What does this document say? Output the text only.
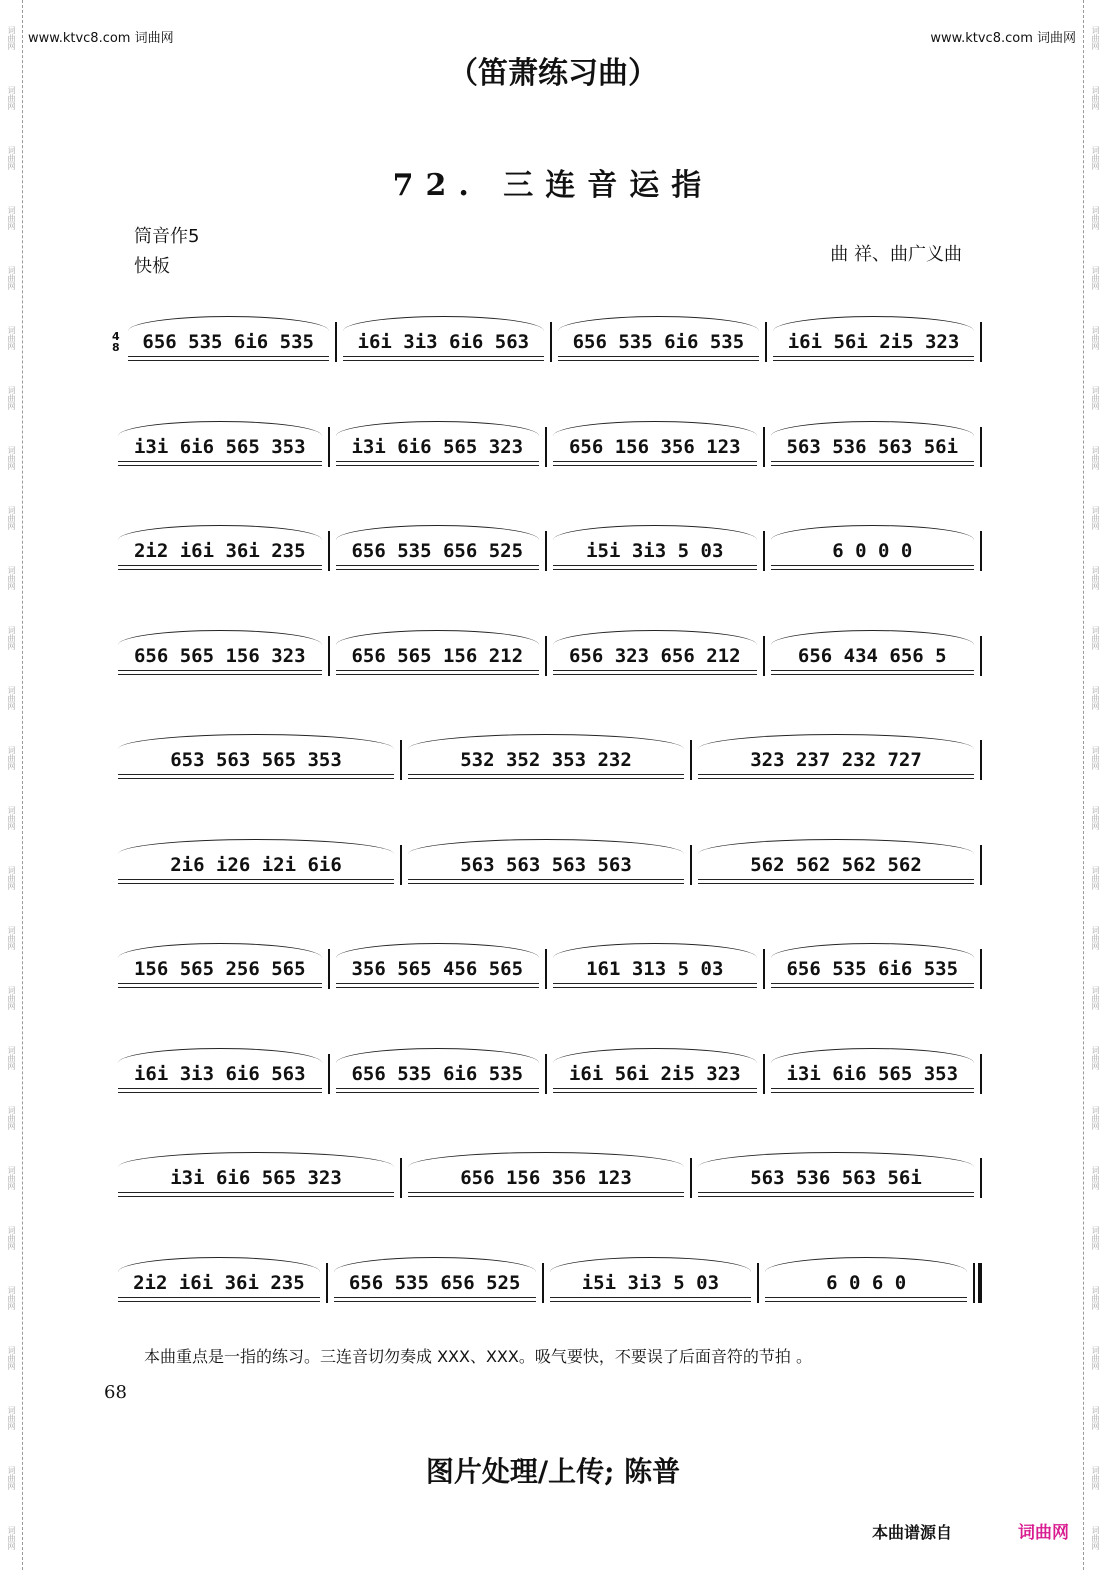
词曲网
词曲网
词曲网
词曲网
词曲网
词曲网
词曲网
词曲网
词曲网
词曲网
词曲网
词曲网
词曲网
词曲网
词曲网
词曲网
词曲网
词曲网
词曲网
词曲网
词曲网
词曲网
词曲网
词曲网
词曲网
词曲网
词曲网
词曲网
词曲网
词曲网
词曲网
词曲网
词曲网
词曲网
词曲网
词曲网
词曲网
词曲网
词曲网
词曲网
词曲网
词曲网
词曲网
词曲网
词曲网
词曲网
词曲网
词曲网
词曲网
词曲网
词曲网
词曲网
www.ktvc8.com 词曲网	www.ktvc8.com 词曲网
（笛萧练习曲）
72. 三连音运指
筒音作5
快板
曲 祥、曲广义曲
4
8	656 535 6i6 535	i6i 3i3 6i6 563	656 535 6i6 535	i6i 56i 2i5 323
i3i 6i6 565 353	i3i 6i6 565 323	656 156 356 123	563 536 563 56i
2i2 i6i 36i 235	656 535 656 525	i5i 3i3 5 03	6 0 0 0
656 565 156 323	656 565 156 212	656 323 656 212	656 434 656 5
653 563 565 353	532 352 353 232	323 237 232 727
2i6 i26 i2i 6i6	563 563 563 563	562 562 562 562
156 565 256 565	356 565 456 565	161 313 5 03	656 535 6i6 535
i6i 3i3 6i6 563	656 535 6i6 535	i6i 56i 2i5 323	i3i 6i6 565 353
i3i 6i6 565 323	656 156 356 123	563 536 563 56i
2i2 i6i 36i 235	656 535 656 525	i5i 3i3 5 03	6 0 6 0
本曲重点是一指的练习。三连音切勿奏成 XXX、XXX。吸气要快，不要误了后面音符的节拍 。
68
图片处理/上传; 陈普
本曲谱源自	词曲网
